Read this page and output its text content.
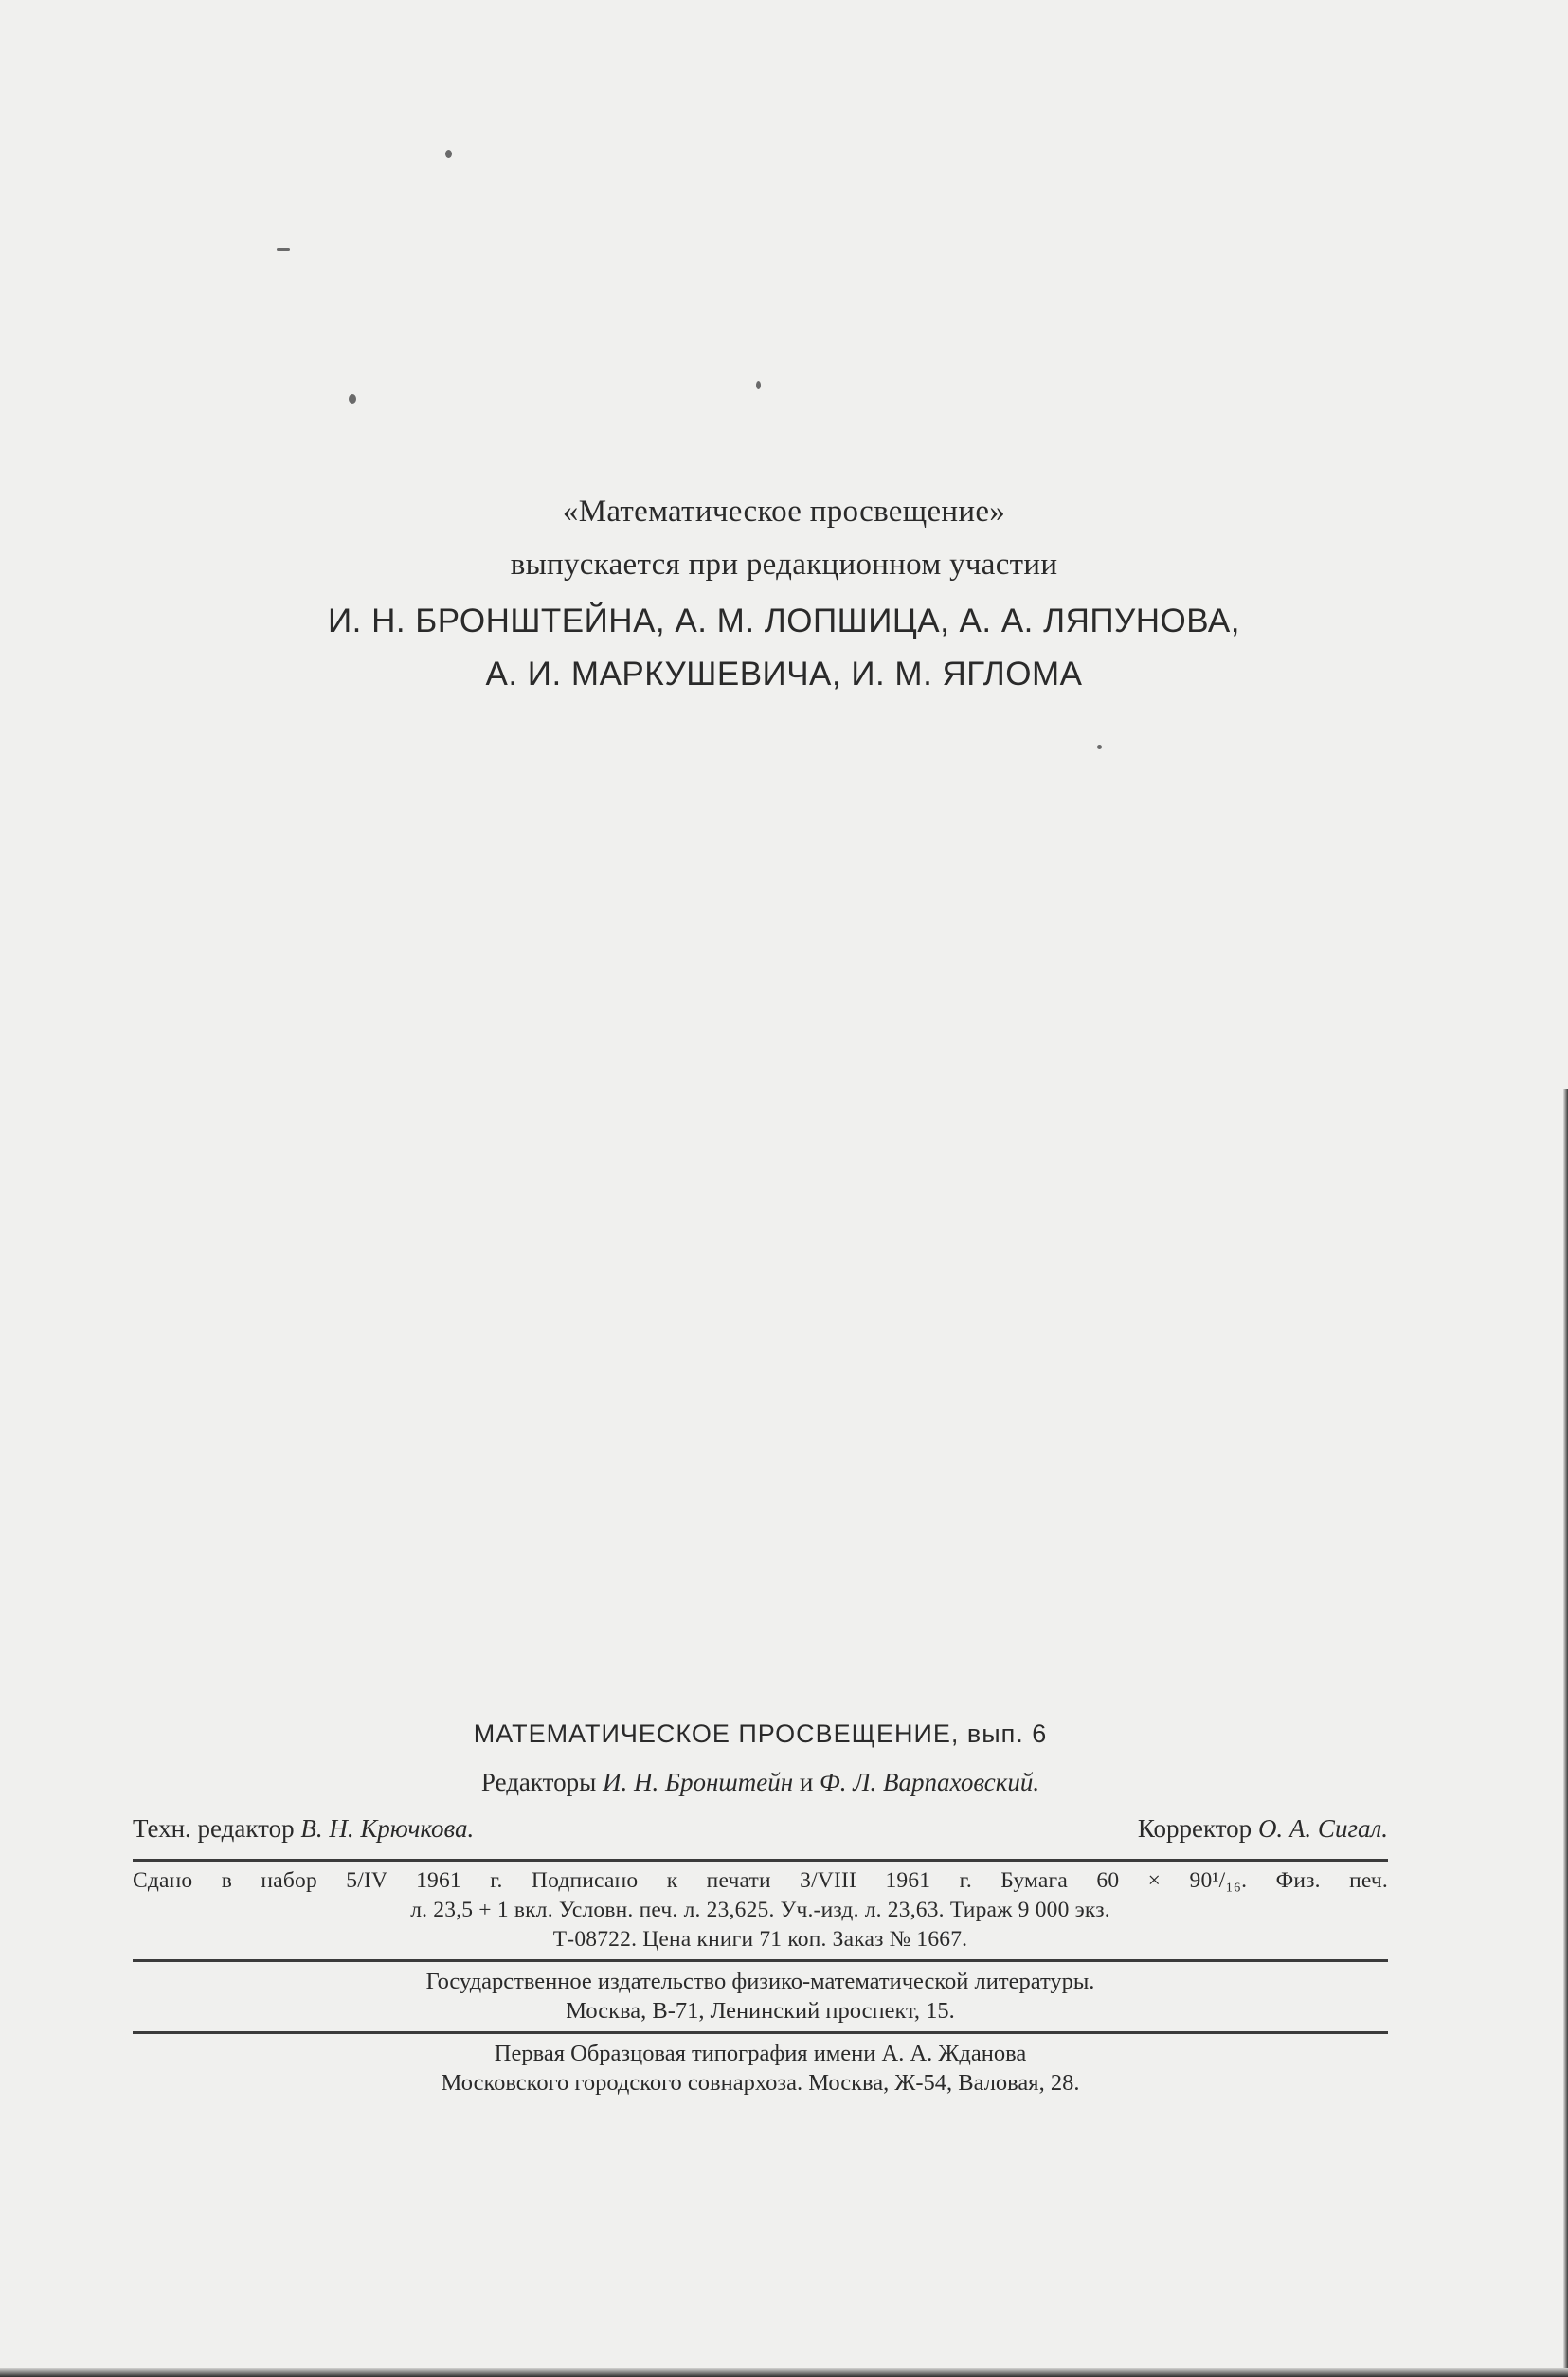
«Математическое просвещение»
выпускается при редакционном участии
И. Н. БРОНШТЕЙНА, А. М. ЛОПШИЦА, А. А. ЛЯПУНОВА,
А. И. МАРКУШЕВИЧА, И. М. ЯГЛОМА
МАТЕМАТИЧЕСКОЕ ПРОСВЕЩЕНИЕ, вып. 6
Редакторы И. Н. Бронштейн и Ф. Л. Варпаховский.
Техн. редактор В. Н. Крючкова.	Корректор О. А. Сигал.
Сдано в набор 5/IV 1961 г. Подписано к печати 3/VIII 1961 г. Бумага 60 × 90¹/₁₆. Физ. печ.
л. 23,5 + 1 вкл. Условн. печ. л. 23,625. Уч.-изд. л. 23,63. Тираж 9 000 экз.
Т-08722. Цена книги 71 коп. Заказ № 1667.
Государственное издательство физико-математической литературы.
Москва, В-71, Ленинский проспект, 15.
Первая Образцовая типография имени А. А. Жданова
Московского городского совнархоза. Москва, Ж-54, Валовая, 28.
